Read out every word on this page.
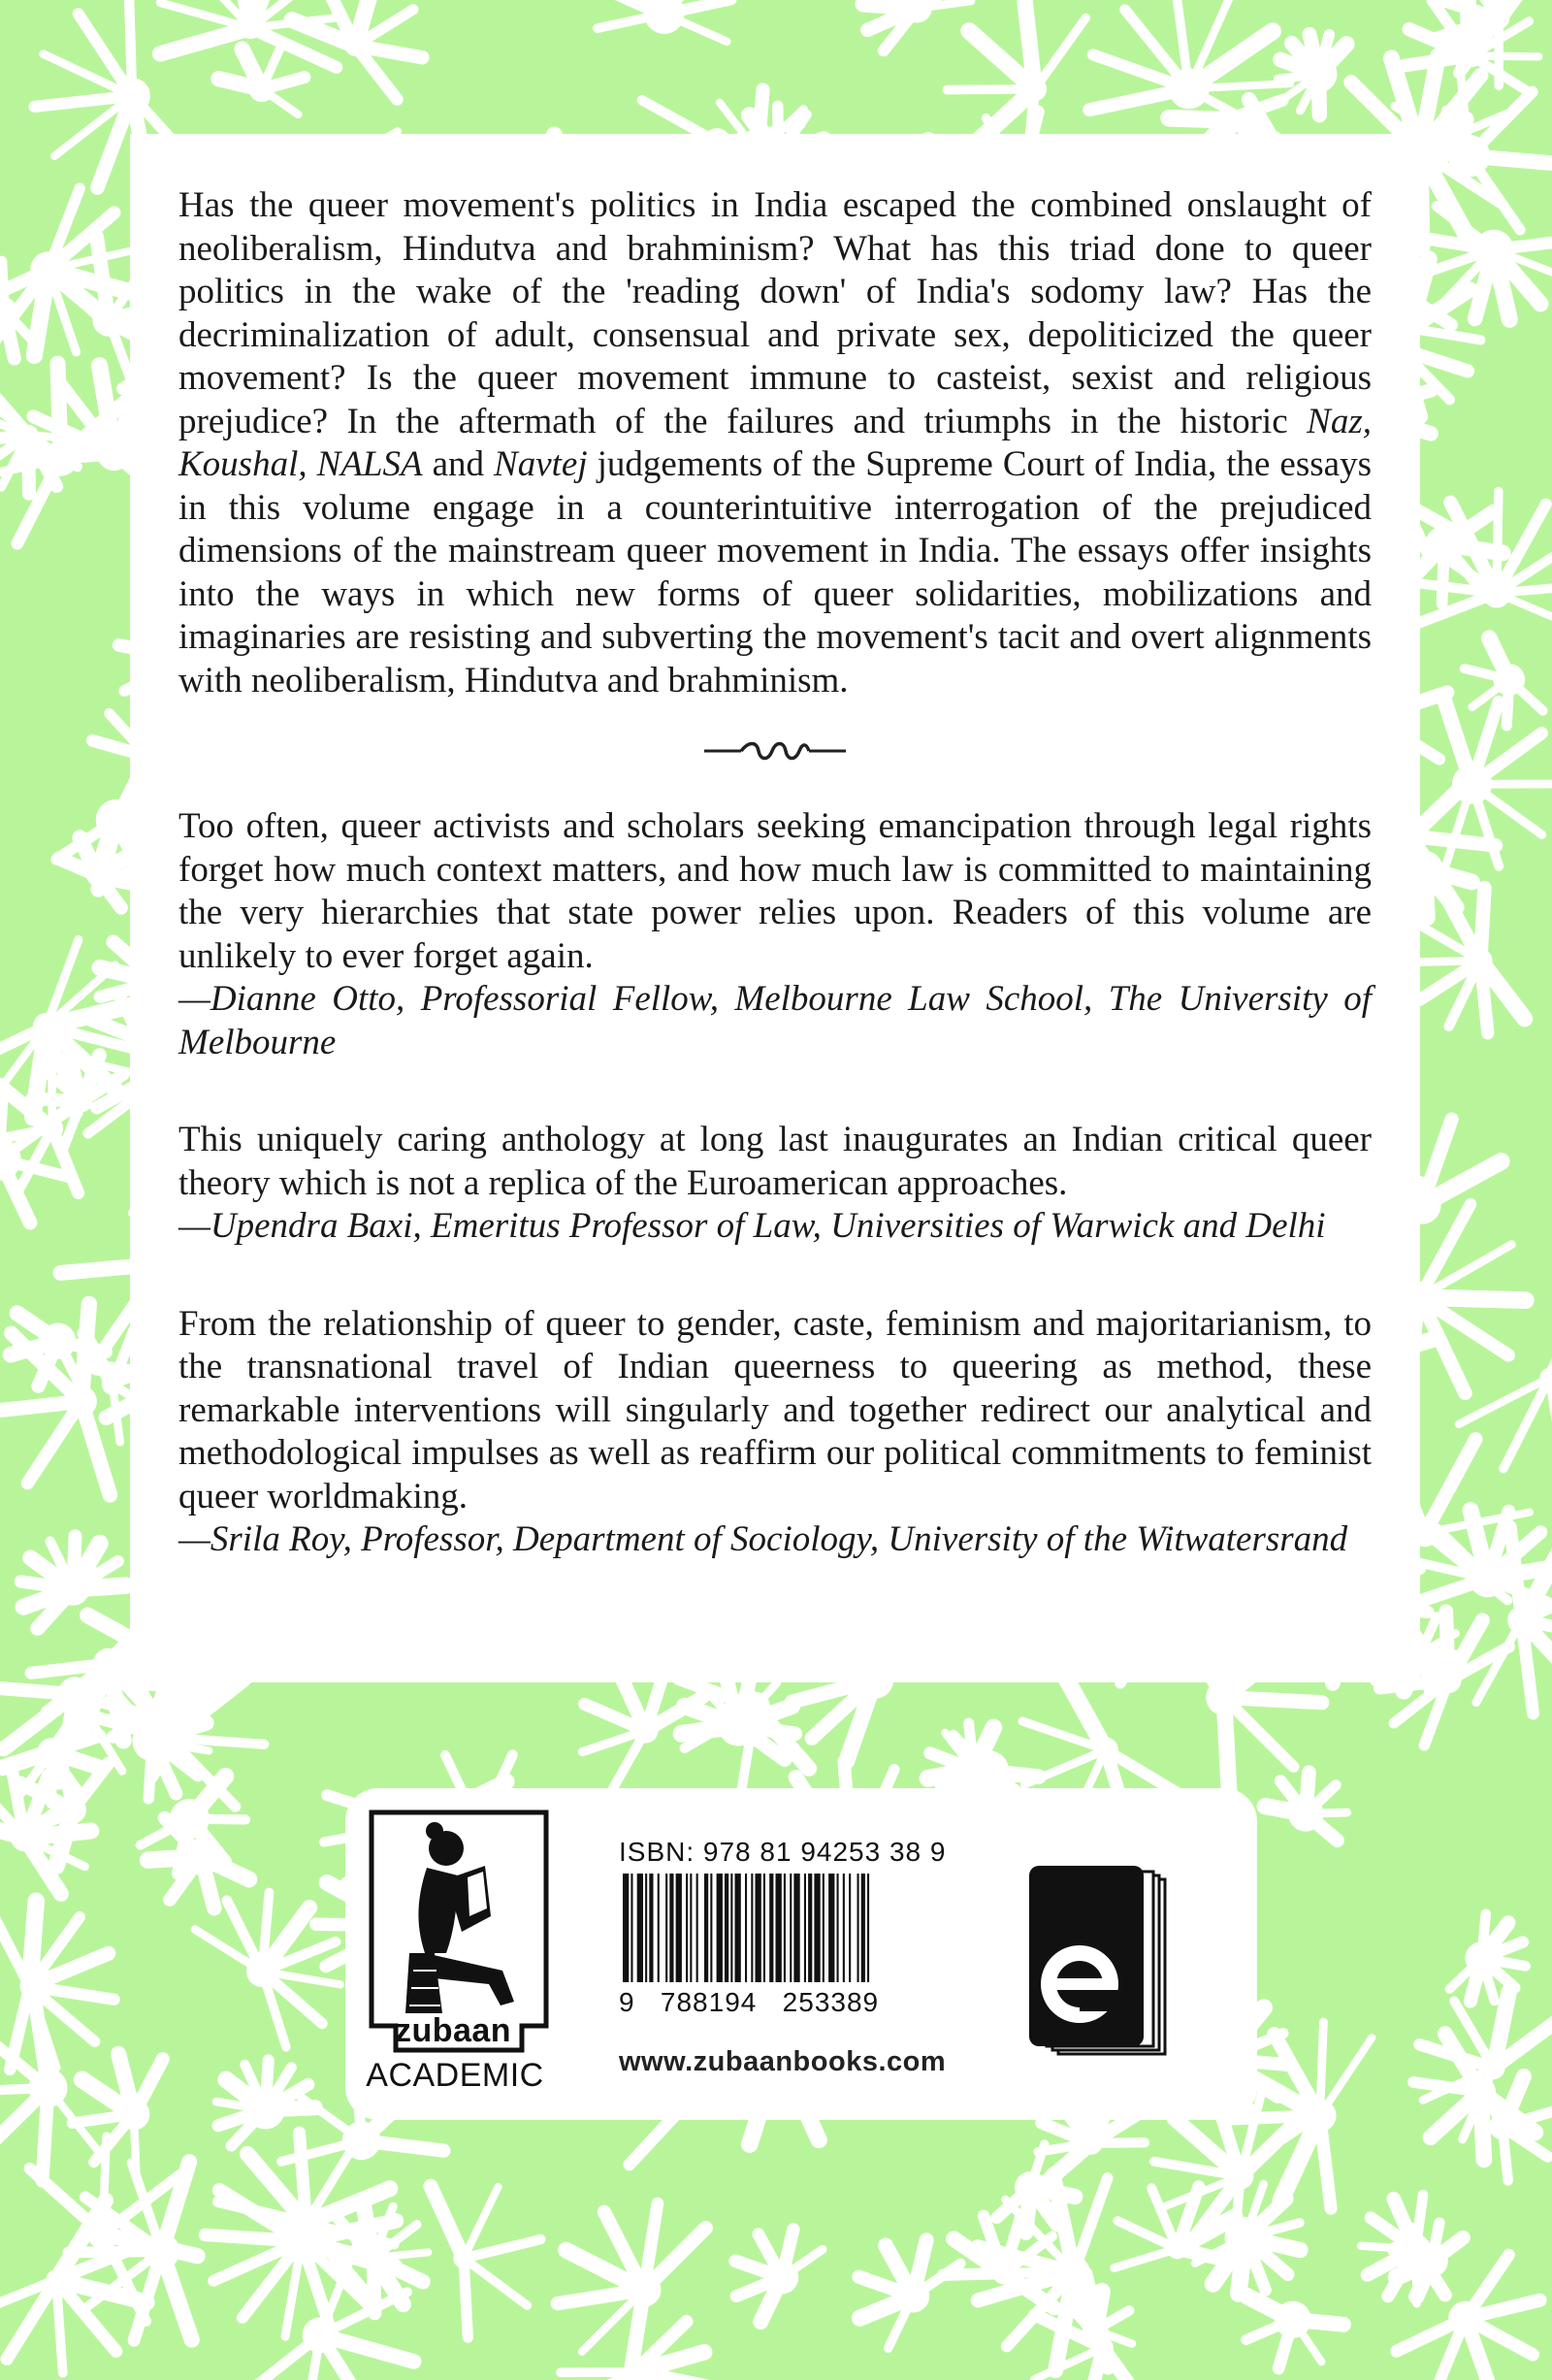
Has the queer movement's politics in India escaped the combined onslaught of neoliberalism, Hindutva and brahminism? What has this triad done to queer politics in the wake of the 'reading down' of India's sodomy law? Has the decriminalization of adult, consensual and private sex, depoliticized the queer movement? Is the queer movement immune to casteist, sexist and religious prejudice? In the aftermath of the failures and triumphs in the historic Naz, Koushal, NALSA and Navtej judgements of the Supreme Court of India, the essays in this volume engage in a counterintuitive interrogation of the prejudiced dimensions of the mainstream queer movement in India. The essays offer insights into the ways in which new forms of queer solidarities, mobilizations and imaginaries are resisting and subverting the movement's tacit and overt alignments with neoliberalism, Hindutva and brahminism.

Too often, queer activists and scholars seeking emancipation through legal rights forget how much context matters, and how much law is committed to maintaining the very hierarchies that state power relies upon. Readers of this volume are unlikely to ever forget again.

—Dianne Otto, Professorial Fellow, Melbourne Law School, The University of Melbourne

This uniquely caring anthology at long last inaugurates an Indian critical queer theory which is not a replica of the Euroamerican approaches.

—Upendra Baxi, Emeritus Professor of Law, Universities of Warwick and Delhi

From the relationship of queer to gender, caste, feminism and majoritarianism, to the transnational travel of Indian queerness to queering as method, these remarkable interventions will singularly and together redirect our analytical and methodological impulses as well as reaffirm our political commitments to feminist queer worldmaking.

—Srila Roy, Professor, Department of Sociology, University of the Witwatersrand

zubaan
ACADEMIC
ISBN: 978 81 94253 38 9
9   788194   253389
www.zubaanbooks.com
